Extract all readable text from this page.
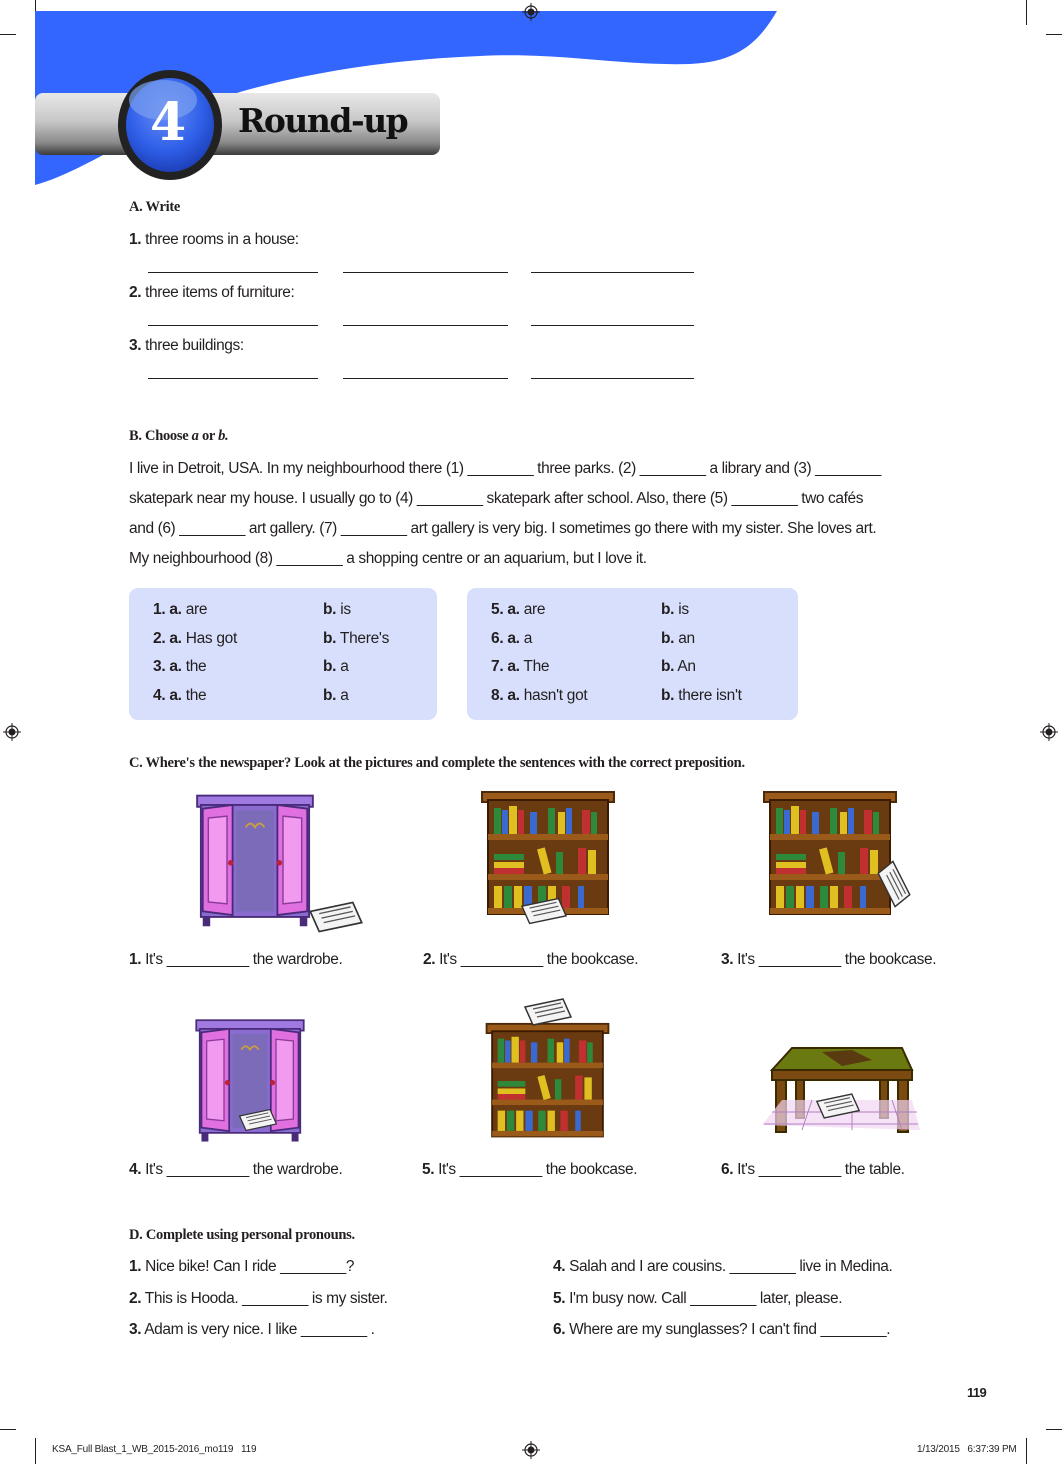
4 Round-up
A. Write
1. three rooms in a house:
2. three items of furniture:
3. three buildings:
B. Choose a or b.
I live in Detroit, USA. In my neighbourhood there (1) ________ three parks. (2) ________ a library and (3) ________
skatepark near my house. I usually go to (4) ________ skatepark after school. Also, there (5) ________ two cafés
and (6) ________ art gallery. (7) ________ art gallery is very big. I sometimes go there with my sister. She loves art.
My neighbourhood (8) ________ a shopping centre or an aquarium, but I love it.
1. a. are	b. is
2. a. Has got	b. There's
3. a. the	b. a
4. a. the	b. a
5. a. are	b. is
6. a. a	b. an
7. a. The	b. An
8. a. hasn't got	b. there isn't
C. Where's the newspaper? Look at the pictures and complete the sentences with the correct preposition.
1. It's __________ the wardrobe.	2. It's __________ the bookcase.	3. It's __________ the bookcase.
4. It's __________ the wardrobe.	5. It's __________ the bookcase.	6. It's __________ the table.
D. Complete using personal pronouns.
1. Nice bike! Can I ride ________?
2. This is Hooda. ________ is my sister.
3. Adam is very nice. I like ________ .
4. Salah and I are cousins. ________ live in Medina.
5. I'm busy now. Call ________ later, please.
6. Where are my sunglasses? I can't find ________.
119
KSA_Full Blast_1_WB_2015-2016_mo119   119	1/13/2015   6:37:39 PM
